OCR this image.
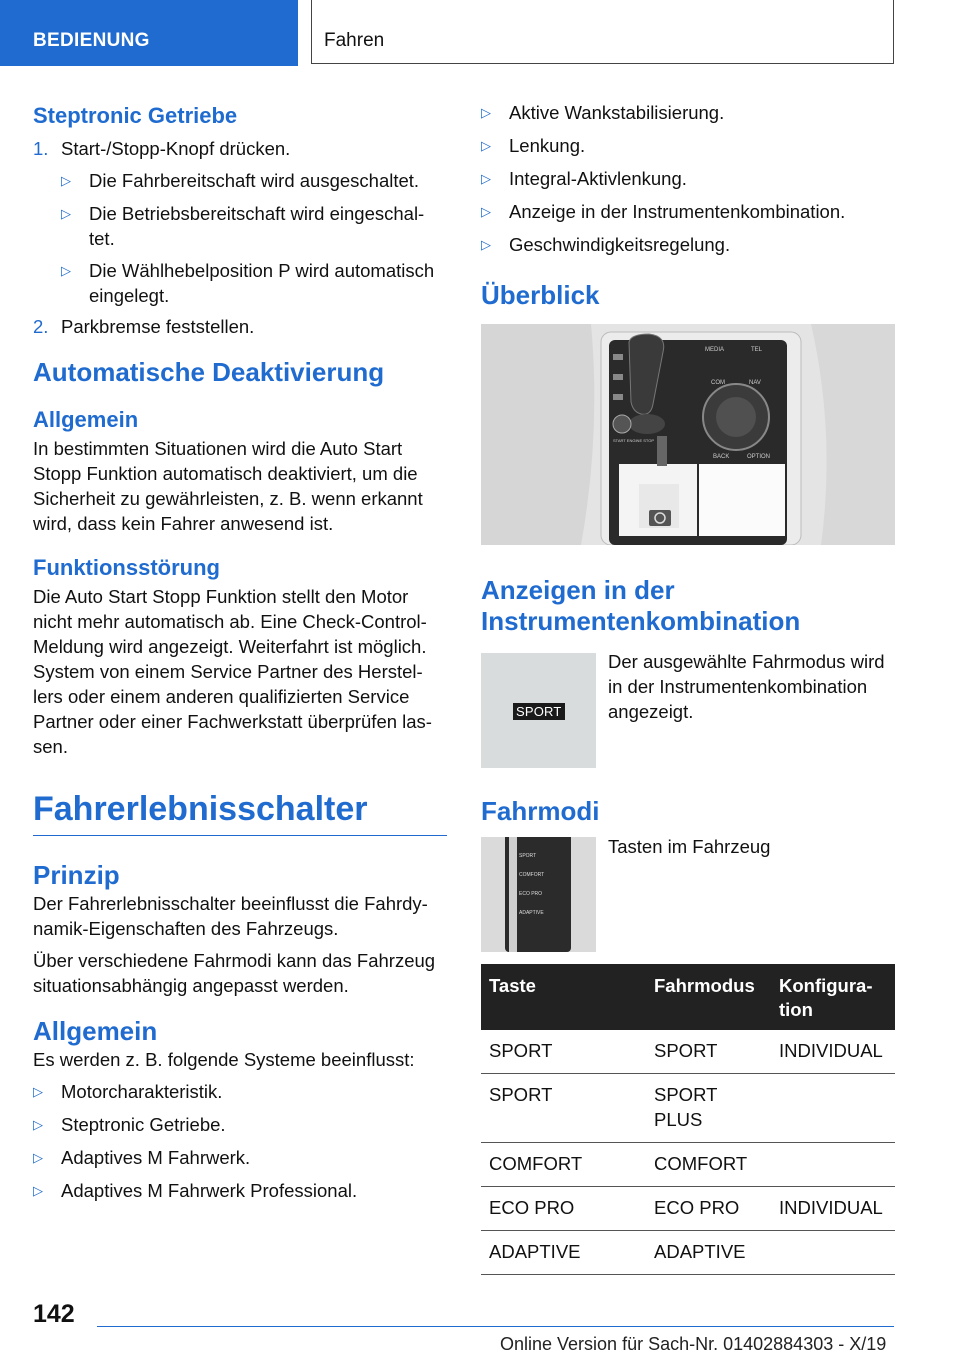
BEDIENUNG	Fahren
Steptronic Getriebe
1. Start-/Stopp-Knopf drücken.
▷ Die Fahrbereitschaft wird ausgeschaltet.
▷ Die Betriebsbereitschaft wird eingeschal‐tet.
▷ Die Wählhebelposition P wird automatisch eingelegt.
2. Parkbremse feststellen.
Automatische Deaktivierung
Allgemein

In bestimmten Situationen wird die Auto Start Stopp Funktion automatisch deaktiviert, um die Sicherheit zu gewährleisten, z. B. wenn erkannt wird, dass kein Fahrer anwesend ist.

Funktionsstörung

Die Auto Start Stopp Funktion stellt den Motor nicht mehr automatisch ab. Eine Check-Control-Meldung wird angezeigt. Weiterfahrt ist möglich. System von einem Service Partner des Herstel‐lers oder einem anderen qualifizierten Service Partner oder einer Fachwerkstatt überprüfen las‐sen.

Fahrerlebnisschalter
Prinzip

Der Fahrerlebnisschalter beeinflusst die Fahrdy‐namik-Eigenschaften des Fahrzeugs.

Über verschiedene Fahrmodi kann das Fahrzeug situationsabhängig angepasst werden.

Allgemein

Es werden z. B. folgende Systeme beeinflusst:

▷ Motorcharakteristik.
▷ Steptronic Getriebe.
▷ Adaptives M Fahrwerk.
▷ Adaptives M Fahrwerk Professional.
▷ Aktive Wankstabilisierung.
▷ Lenkung.
▷ Integral-Aktivlenkung.
▷ Anzeige in der Instrumentenkombination.
▷ Geschwindigkeitsregelung.
Überblick
MEDIA
COM	NAV
TEL
BACK	OPTION
START ENGINE STOP
Anzeigen in der Instrumentenkombination
SPORT

Der ausgewählte Fahrmodus wird in der Instrumentenkombination angezeigt.

Fahrmodi
SPORT
COMFORT
ECO PRO
ADAPTIVE

Tasten im Fahrzeug

Taste	Fahrmodus	Konfigura‐tion
SPORT	SPORT	INDIVIDUAL
SPORT	SPORT PLUS	
COMFORT	COMFORT	
ECO PRO	ECO PRO	INDIVIDUAL
ADAPTIVE	ADAPTIVE	
142
Online Version für Sach-Nr. 01402884303 - X/19
